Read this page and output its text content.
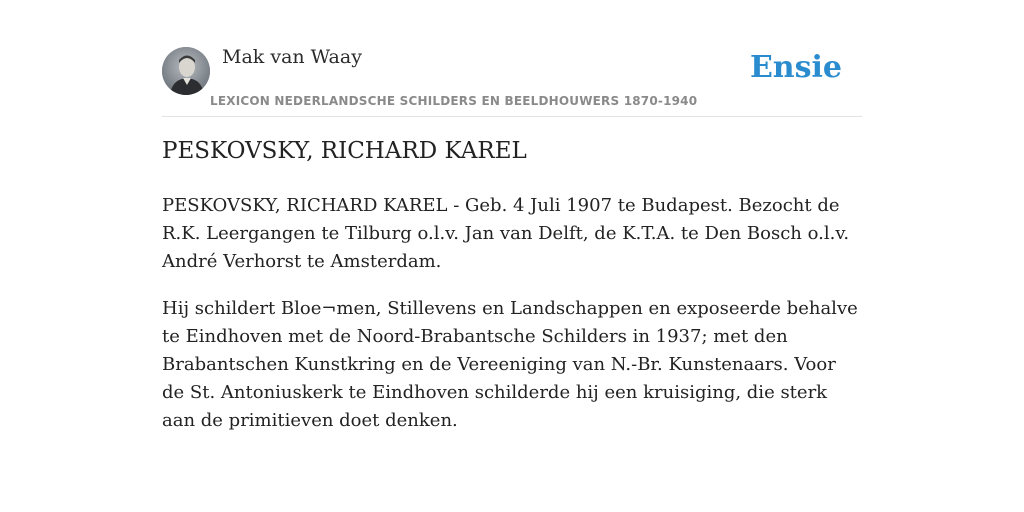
Mak van Waay
LEXICON NEDERLANDSCHE SCHILDERS EN BEELDHOUWERS 1870-1940
Ensie
PESKOVSKY, RICHARD KAREL

PESKOVSKY, RICHARD KAREL - Geb. 4 Juli 1907 te Budapest. Bezocht de R.K. Leergangen te Tilburg o.l.v. Jan van Delft, de K.T.A. te Den Bosch o.l.v. André Verhorst te Amsterdam.

Hij schildert Bloe¬men, Stillevens en Landschappen en exposeerde behalve te Eindhoven met de Noord-Brabantsche Schilders in 1937; met den Brabantschen Kunstkring en de Vereeniging van N.-Br. Kunstenaars. Voor de St. Antoniuskerk te Eindhoven schilderde hij een kruisiging, die sterk aan de primitieven doet denken.
